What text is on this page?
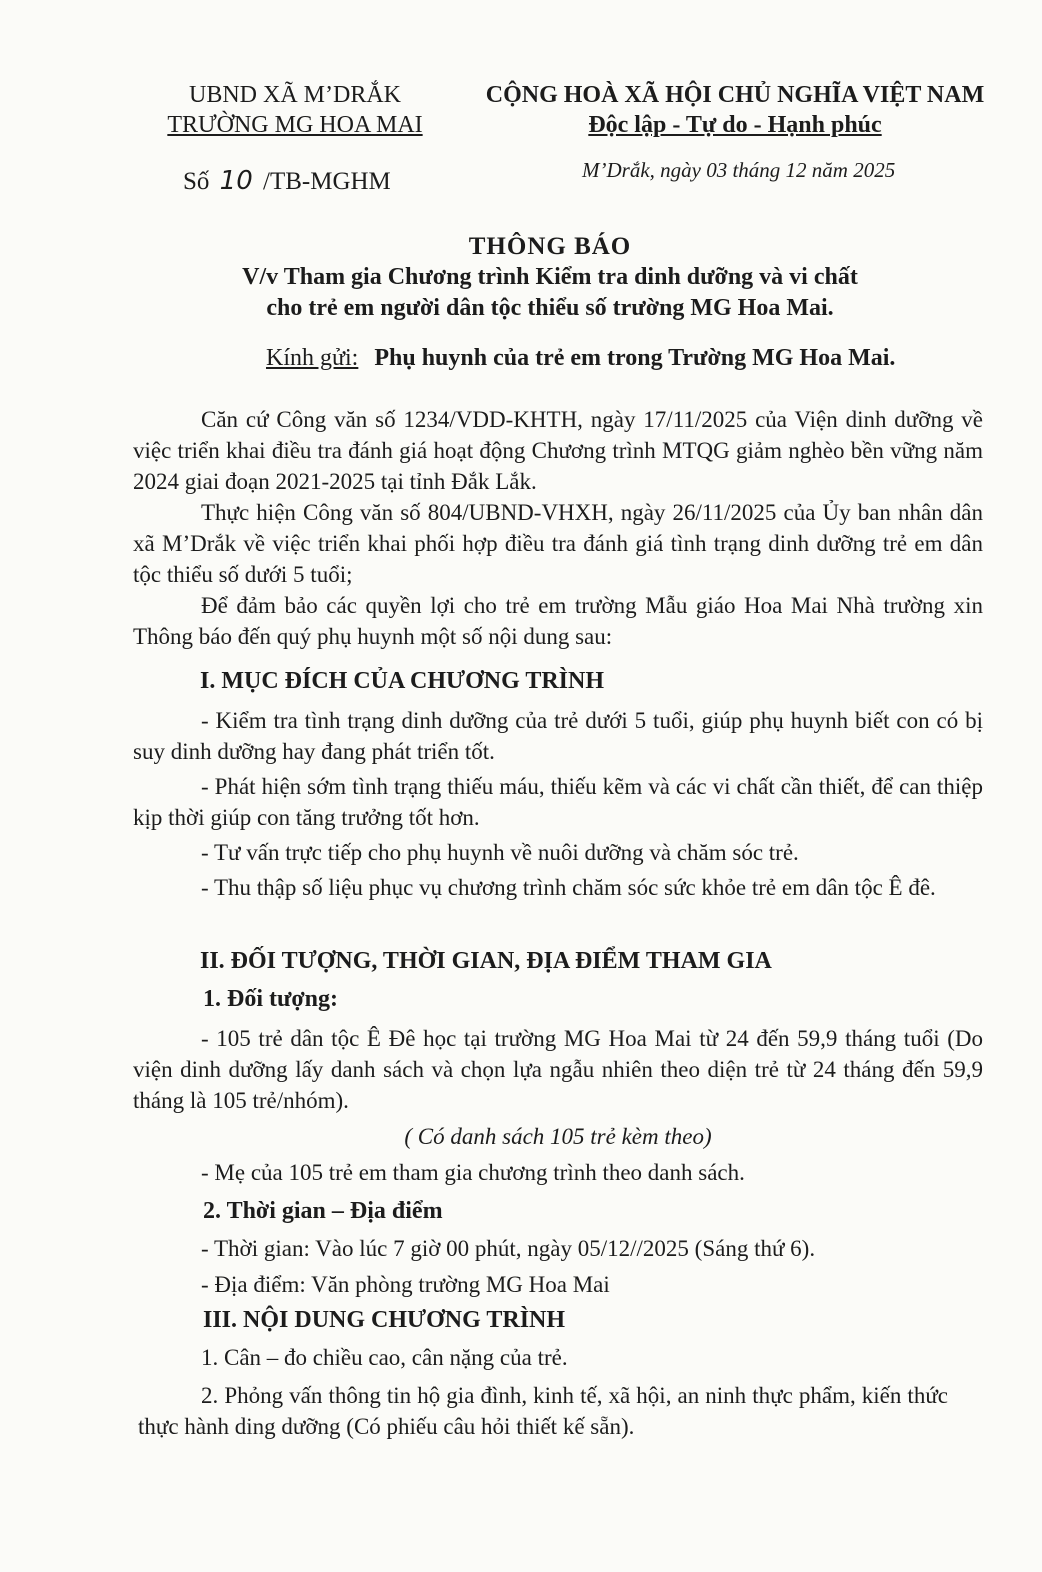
UBND XÃ M’DRẮK
TRƯỜNG MG HOA MAI
CỘNG HOÀ XÃ HỘI CHỦ NGHĨA VIỆT NAM
Độc lập - Tự do - Hạnh phúc
Số 10 /TB-MGHM	M’Drắk, ngày 03 tháng 12 năm 2025
THÔNG BÁO
V/v Tham gia Chương trình Kiểm tra dinh dưỡng và vi chất
cho trẻ em người dân tộc thiểu số trường MG Hoa Mai.
Kính gửi: Phụ huynh của trẻ em trong Trường MG Hoa Mai.

Căn cứ Công văn số 1234/VDD-KHTH, ngày 17/11/2025 của Viện dinh dưỡng về việc triển khai điều tra đánh giá hoạt động Chương trình MTQG giảm nghèo bền vững năm 2024 giai đoạn 2021-2025 tại tỉnh Đắk Lắk.

Thực hiện Công văn số 804/UBND-VHXH, ngày 26/11/2025 của Ủy ban nhân dân xã M’Drắk về việc triển khai phối hợp điều tra đánh giá tình trạng dinh dưỡng trẻ em dân tộc thiểu số dưới 5 tuổi;

Để đảm bảo các quyền lợi cho trẻ em trường Mẫu giáo Hoa Mai Nhà trường xin Thông báo đến quý phụ huynh một số nội dung sau:

I. MỤC ĐÍCH CỦA CHƯƠNG TRÌNH

- Kiểm tra tình trạng dinh dưỡng của trẻ dưới 5 tuổi, giúp phụ huynh biết con có bị suy dinh dưỡng hay đang phát triển tốt.

- Phát hiện sớm tình trạng thiếu máu, thiếu kẽm và các vi chất cần thiết, để can thiệp kịp thời giúp con tăng trưởng tốt hơn.

- Tư vấn trực tiếp cho phụ huynh về nuôi dưỡng và chăm sóc trẻ.

- Thu thập số liệu phục vụ chương trình chăm sóc sức khỏe trẻ em dân tộc Ê đê.

II. ĐỐI TƯỢNG, THỜI GIAN, ĐỊA ĐIỂM THAM GIA
1. Đối tượng:

- 105 trẻ dân tộc Ê Đê học tại trường MG Hoa Mai từ 24 đến 59,9 tháng tuổi (Do viện dinh dưỡng lấy danh sách và chọn lựa ngẫu nhiên theo diện trẻ từ 24 tháng đến 59,9 tháng là 105 trẻ/nhóm).

( Có danh sách 105 trẻ kèm theo)
- Mẹ của 105 trẻ em tham gia chương trình theo danh sách.
2. Thời gian – Địa điểm
- Thời gian: Vào lúc 7 giờ 00 phút, ngày 05/12//2025 (Sáng thứ 6).
- Địa điểm: Văn phòng trường MG Hoa Mai
III. NỘI DUNG CHƯƠNG TRÌNH
1. Cân – đo chiều cao, cân nặng của trẻ.

2. Phỏng vấn thông tin hộ gia đình, kinh tế, xã hội, an ninh thực phẩm, kiến thức thực hành ding dưỡng (Có phiếu câu hỏi thiết kế sẵn).
